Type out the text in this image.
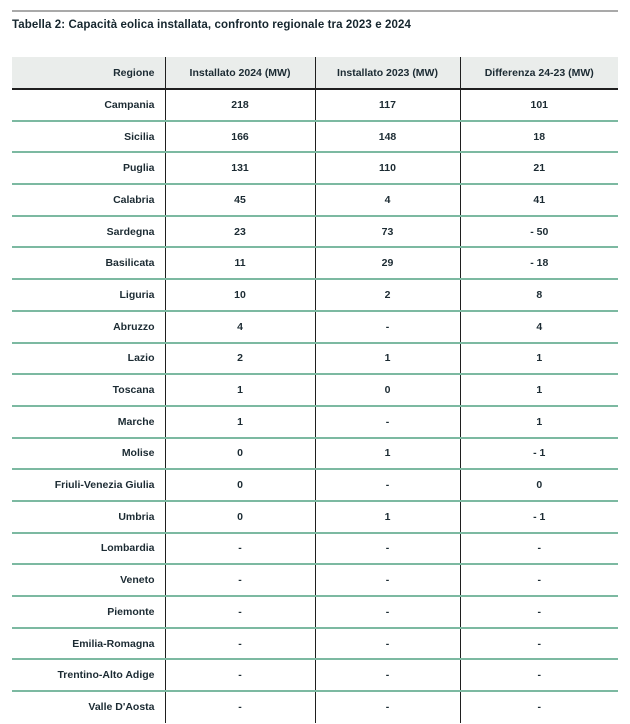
Tabella 2: Capacità eolica installata, confronto regionale tra 2023 e 2024
Regione	Installato 2024 (MW)	Installato 2023 (MW)	Differenza 24-23 (MW)
Campania	218	117	101
Sicilia	166	148	18
Puglia	131	110	21
Calabria	45	4	41
Sardegna	23	73	- 50
Basilicata	11	29	- 18
Liguria	10	2	8
Abruzzo	4	-	4
Lazio	2	1	1
Toscana	1	0	1
Marche	1	-	1
Molise	0	1	- 1
Friuli-Venezia Giulia	0	-	0
Umbria	0	1	- 1
Lombardia	-	-	-
Veneto	-	-	-
Piemonte	-	-	-
Emilia-Romagna	-	-	-
Trentino-Alto Adige	-	-	-
Valle D'Aosta	-	-	-
